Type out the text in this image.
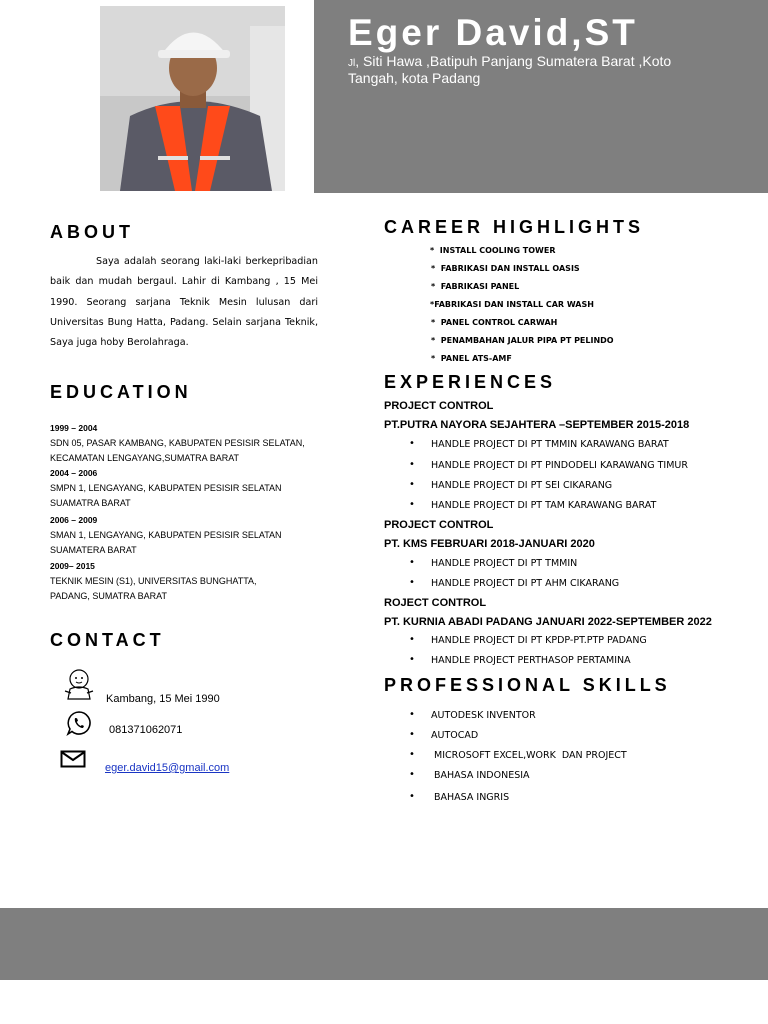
Eger David,ST
Jl, Siti Hawa ,Batipuh Panjang Sumatera Barat ,Koto Tangah, kota Padang
ABOUT
Saya adalah seorang laki-laki berkepribadian baik dan mudah bergaul. Lahir di Kambang , 15 Mei 1990. Seorang sarjana Teknik Mesin lulusan dari Universitas Bung Hatta, Padang. Selain sarjana Teknik, Saya juga hoby Berolahraga.
EDUCATION
1999 – 2004
SDN 05, PASAR KAMBANG, KABUPATEN PESISIR SELATAN,
KECAMATAN LENGAYANG,SUMATRA BARAT
2004 – 2006
SMPN 1, LENGAYANG, KABUPATEN PESISIR SELATAN
SUAMATRA BARAT
2006 – 2009
SMAN 1, LENGAYANG, KABUPATEN PESISIR SELATAN
SUAMATERA BARAT
2009– 2015
TEKNIK MESIN (S1), UNIVERSITAS BUNGHATTA,
PADANG, SUMATRA BARAT
CONTACT
Kambang, 15 Mei 1990
081371062071
eger.david15@gmail.com
CAREER HIGHLIGHTS
* INSTALL COOLING TOWER
* FABRIKASI DAN INSTALL OASIS
* FABRIKASI PANEL
*FABRIKASI DAN INSTALL CAR WASH
* PANEL CONTROL CARWAH
* PENAMBAHAN JALUR PIPA PT PELINDO
* PANEL ATS-AMF
EXPERIENCES
PROJECT CONTROL
PT.PUTRA NAYORA SEJAHTERA –SEPTEMBER 2015-2018
• HANDLE PROJECT DI PT TMMIN KARAWANG BARAT
• HANDLE PROJECT DI PT PINDODELI KARAWANG TIMUR
• HANDLE PROJECT DI PT SEI CIKARANG
• HANDLE PROJECT DI PT TAM KARAWANG BARAT
PROJECT CONTROL
PT. KMS FEBRUARI 2018-JANUARI 2020
• HANDLE PROJECT DI PT TMMIN
• HANDLE PROJECT DI PT AHM CIKARANG
ROJECT CONTROL
PT. KURNIA ABADI PADANG JANUARI 2022-SEPTEMBER 2022
• HANDLE PROJECT DI PT KPDP-PT.PTP PADANG
• HANDLE PROJECT PERTHASOP PERTAMINA
PROFESSIONAL SKILLS
• AUTODESK INVENTOR
• AUTOCAD
• MICROSOFT EXCEL,WORK  DAN PROJECT
• BAHASA INDONESIA
• BAHASA INGRIS
